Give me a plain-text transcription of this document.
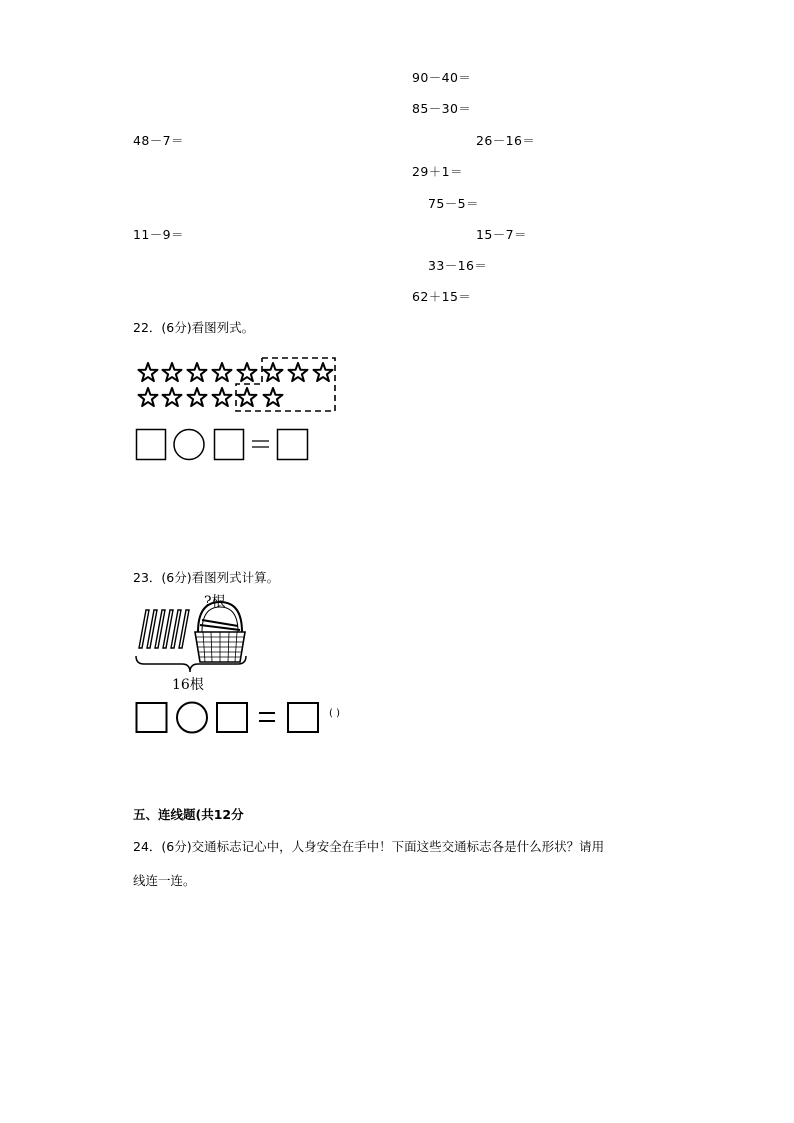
90－40＝
85－30＝
48－7＝	26－16＝
29＋1＝
75－5＝
11－9＝	15－7＝
33－16＝
62＋15＝
22．(6分)看图列式。
23．(6分)看图列式计算。
?根
16根
( )
五、连线题(共12分
24．(6分)交通标志记心中，人身安全在手中！下面这些交通标志各是什么形状？请用
线连一连。
